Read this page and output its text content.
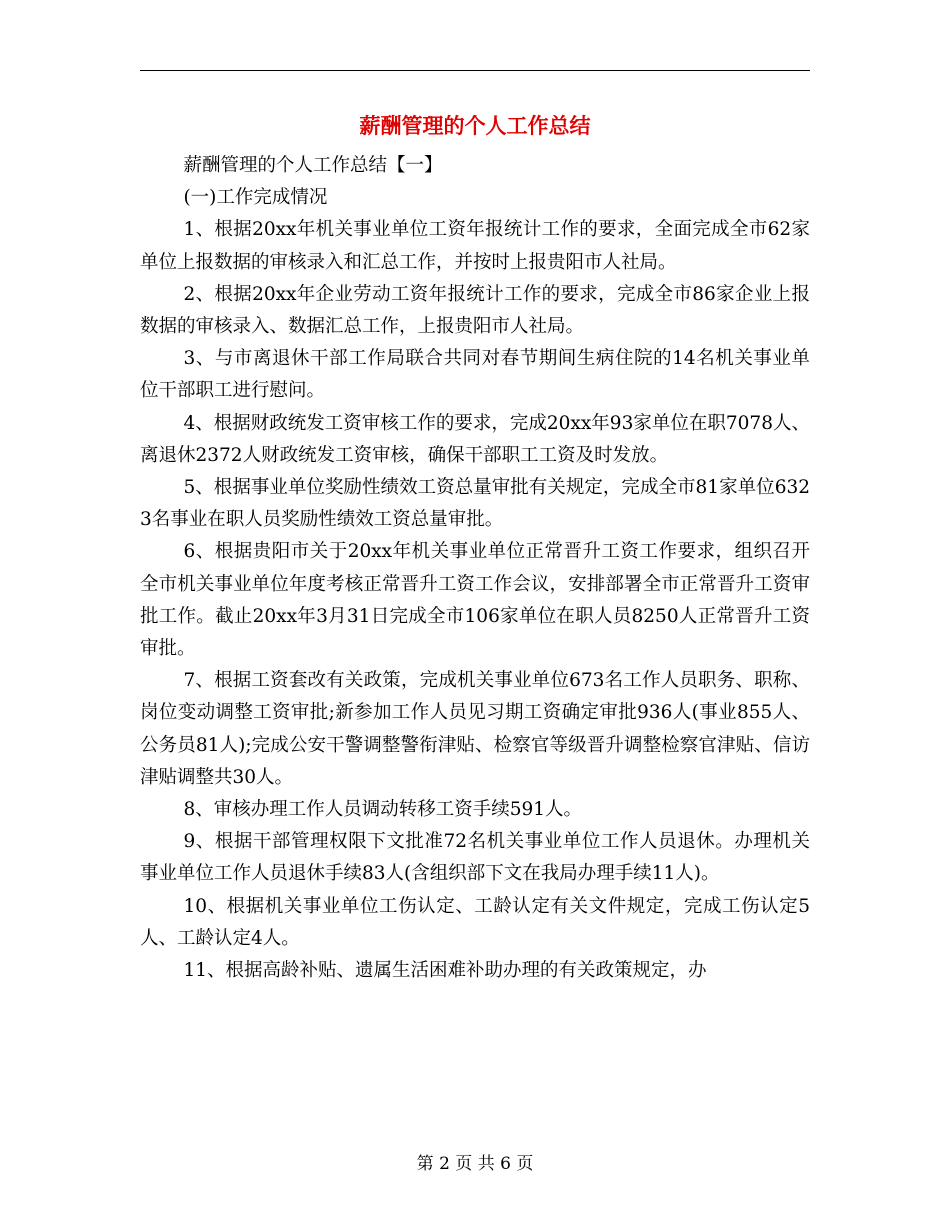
薪酬管理的个人工作总结

薪酬管理的个人工作总结【一】

(一)工作完成情况

1、根据20xx年机关事业单位工资年报统计工作的要求，全面完成全市62家单位上报数据的审核录入和汇总工作，并按时上报贵阳市人社局。

2、根据20xx年企业劳动工资年报统计工作的要求，完成全市86家企业上报数据的审核录入、数据汇总工作，上报贵阳市人社局。

3、与市离退休干部工作局联合共同对春节期间生病住院的14名机关事业单位干部职工进行慰问。

4、根据财政统发工资审核工作的要求，完成20xx年93家单位在职7078人、离退休2372人财政统发工资审核，确保干部职工工资及时发放。

5、根据事业单位奖励性绩效工资总量审批有关规定，完成全市81家单位6323名事业在职人员奖励性绩效工资总量审批。

6、根据贵阳市关于20xx年机关事业单位正常晋升工资工作要求，组织召开全市机关事业单位年度考核正常晋升工资工作会议，安排部署全市正常晋升工资审批工作。截止20xx年3月31日完成全市106家单位在职人员8250人正常晋升工资审批。

7、根据工资套改有关政策，完成机关事业单位673名工作人员职务、职称、岗位变动调整工资审批;新参加工作人员见习期工资确定审批936人(事业855人、公务员81人);完成公安干警调整警衔津贴、检察官等级晋升调整检察官津贴、信访津贴调整共30人。

8、审核办理工作人员调动转移工资手续591人。

9、根据干部管理权限下文批准72名机关事业单位工作人员退休。办理机关事业单位工作人员退休手续83人(含组织部下文在我局办理手续11人)。

10、根据机关事业单位工伤认定、工龄认定有关文件规定，完成工伤认定5人、工龄认定4人。

11、根据高龄补贴、遗属生活困难补助办理的有关政策规定，办

第 2 页 共 6 页
